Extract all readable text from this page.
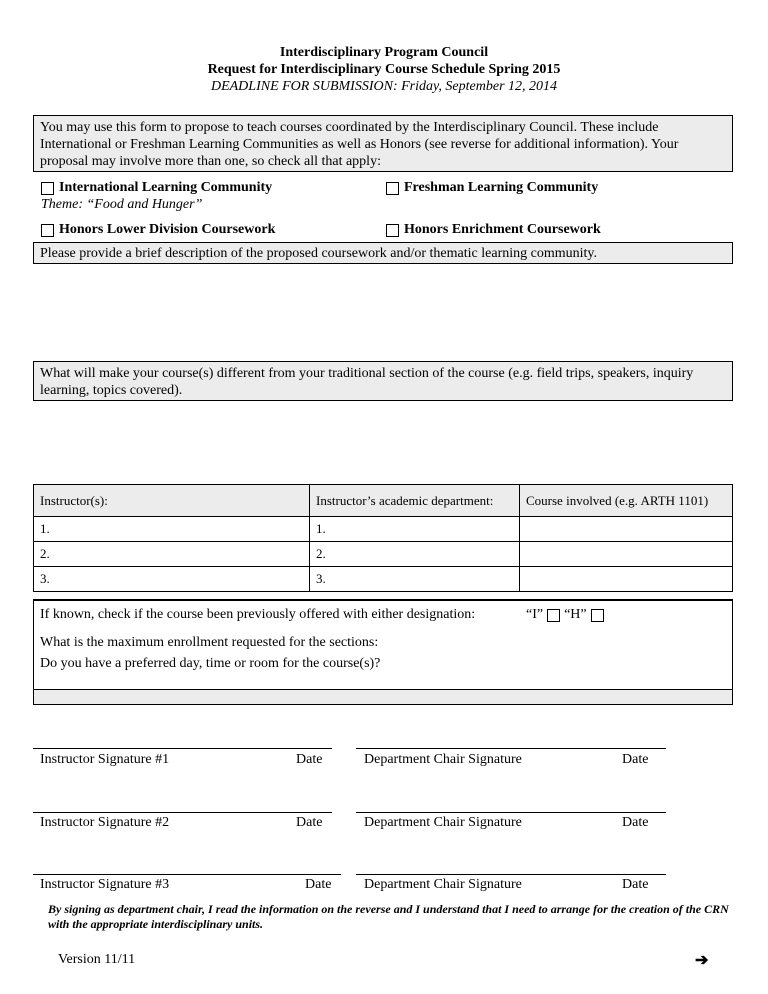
Interdisciplinary Program Council
Request for Interdisciplinary Course Schedule Spring 2015
DEADLINE FOR SUBMISSION: Friday, September 12, 2014
You may use this form to propose to teach courses coordinated by the Interdisciplinary Council. These include International or Freshman Learning Communities as well as Honors (see reverse for additional information). Your proposal may involve more than one, so check all that apply:
International Learning Community
Theme: “Food and Hunger”
Freshman Learning Community
Honors Lower Division Coursework	Honors Enrichment Coursework
Please provide a brief description of the proposed coursework and/or thematic learning community.
What will make your course(s) different from your traditional section of the course (e.g. field trips, speakers, inquiry learning, topics covered).
Instructor(s):	Instructor’s academic department:	Course involved (e.g. ARTH 1101)
1.	1.	
2.	2.	
3.	3.	
If known, check if the course been previously offered with either designation:	“I” “H”
What is the maximum enrollment requested for the sections:
Do you have a preferred day, time or room for the course(s)?
Instructor Signature #1	Date	Department Chair Signature	Date
Instructor Signature #2	Date	Department Chair Signature	Date
Instructor Signature #3	Date Department Chair Signature	Date
By signing as department chair, I read the information on the reverse and I understand that I need to arrange for the creation of the CRN with the appropriate interdisciplinary units.
Version 11/11	➔
